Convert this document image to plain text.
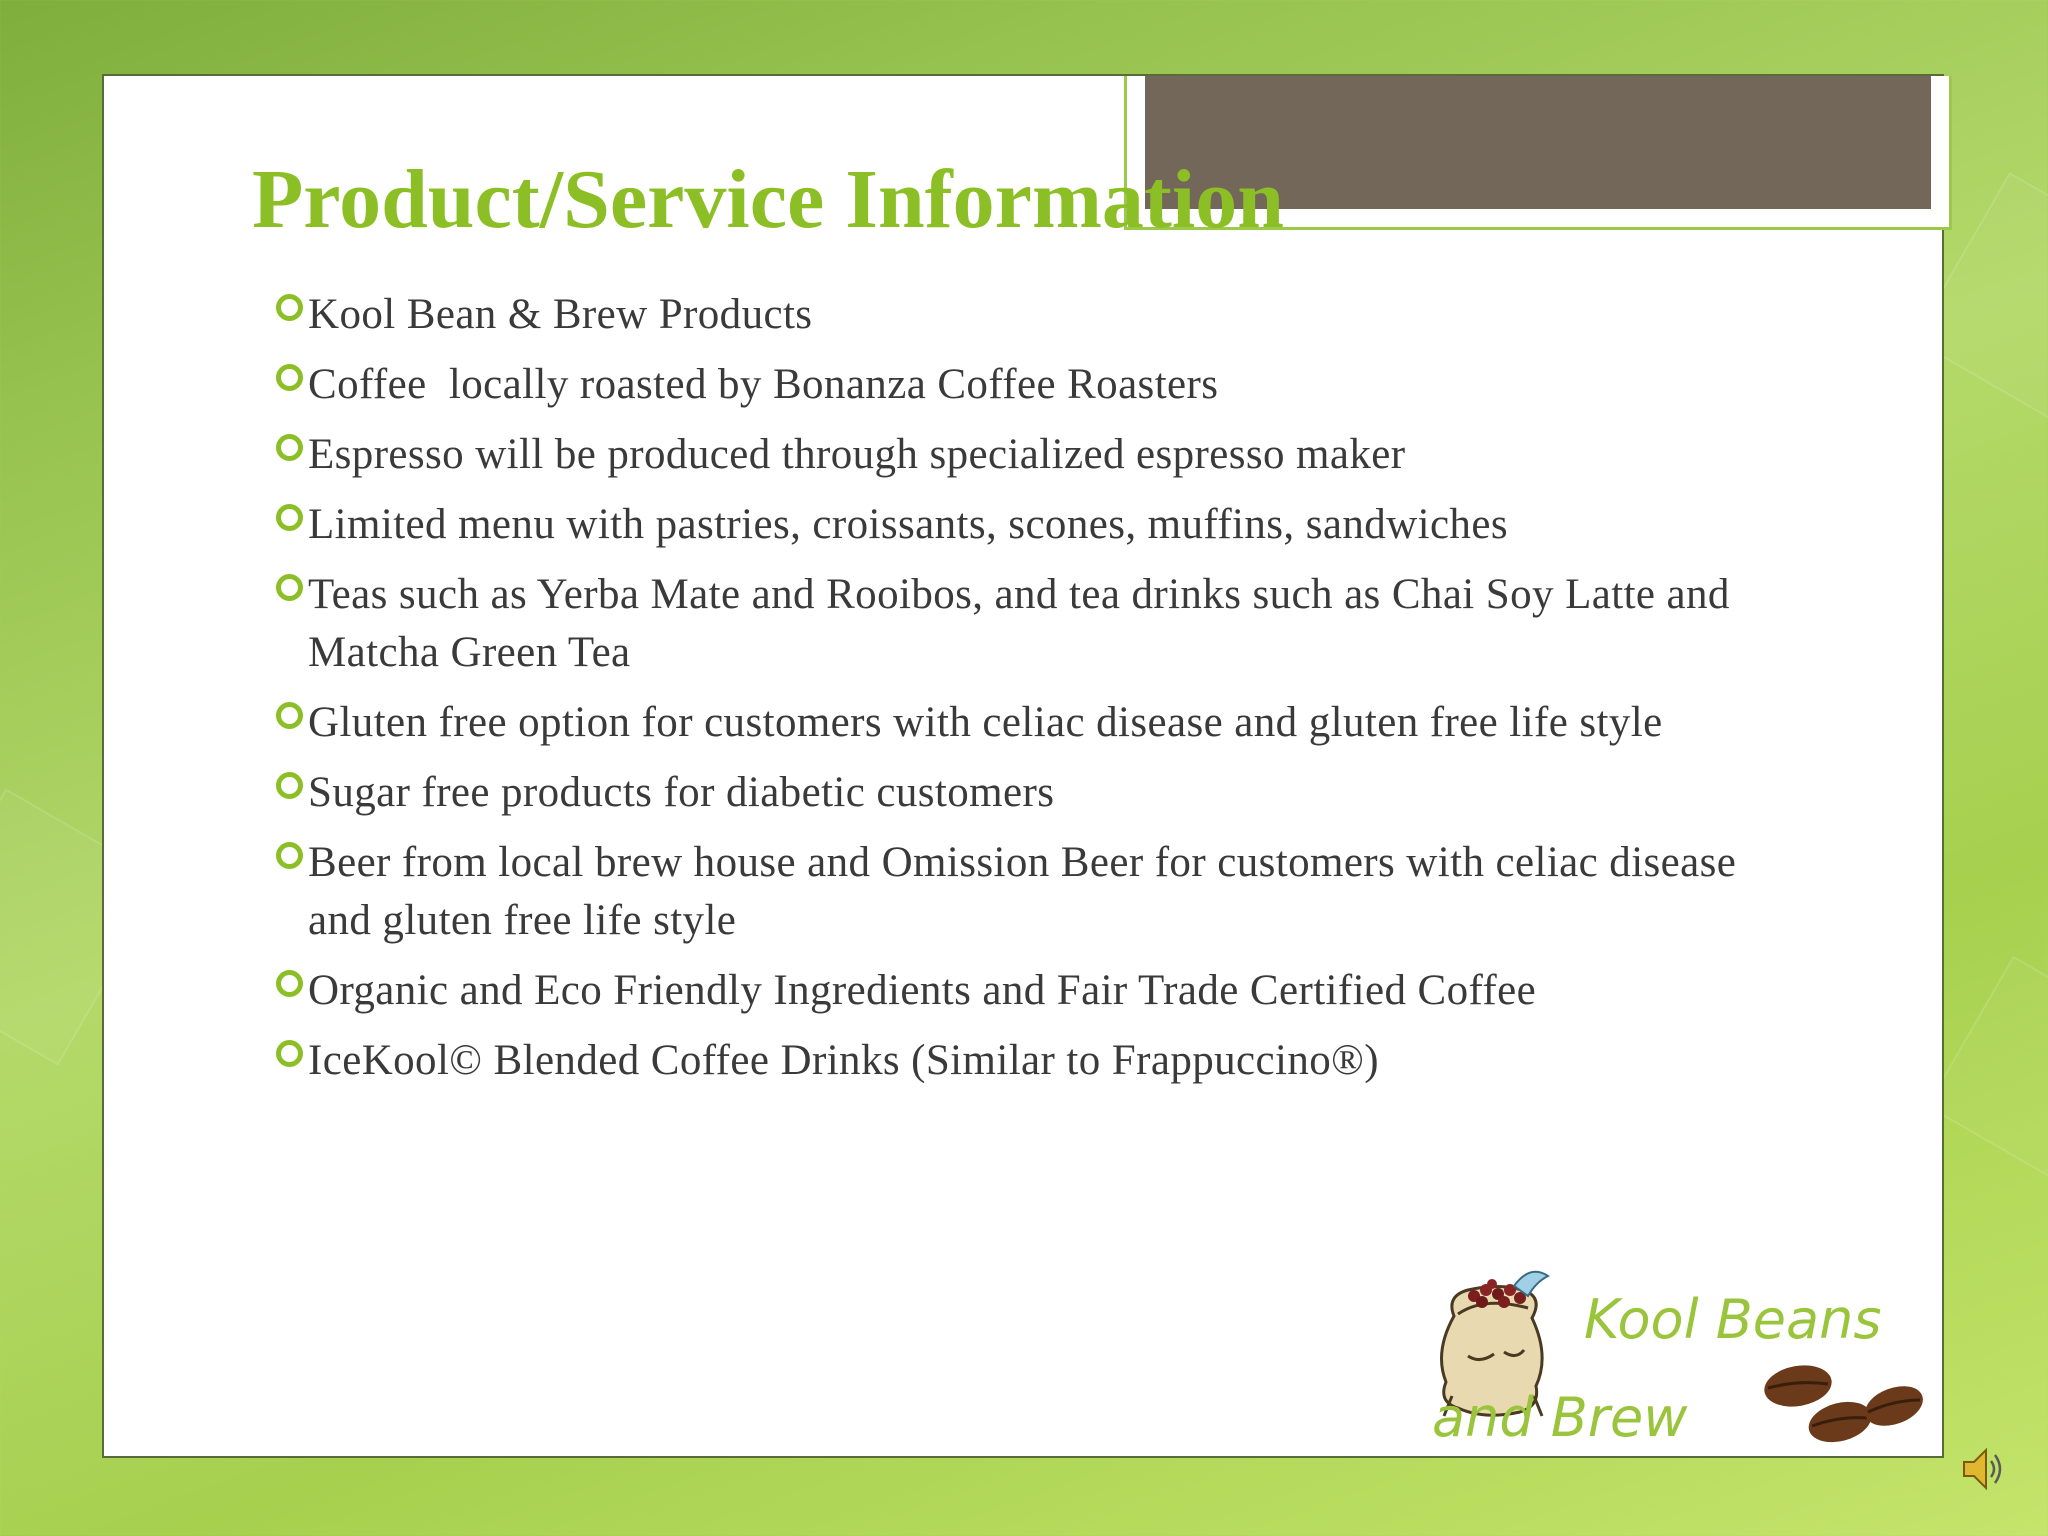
Product/Service Information
Kool Bean & Brew Products
Coffee  locally roasted by Bonanza Coffee Roasters
Espresso will be produced through specialized espresso maker
Limited menu with pastries, croissants, scones, muffins, sandwiches
Teas such as Yerba Mate and Rooibos, and tea drinks such as Chai Soy Latte and Matcha Green Tea
Gluten free option for customers with celiac disease and gluten free life style
Sugar free products for diabetic customers
Beer from local brew house and Omission Beer for customers with celiac disease and gluten free life style
Organic and Eco Friendly Ingredients and Fair Trade Certified Coffee
IceKool© Blended Coffee Drinks (Similar to Frappuccino®)
Kool Beans
and Brew
